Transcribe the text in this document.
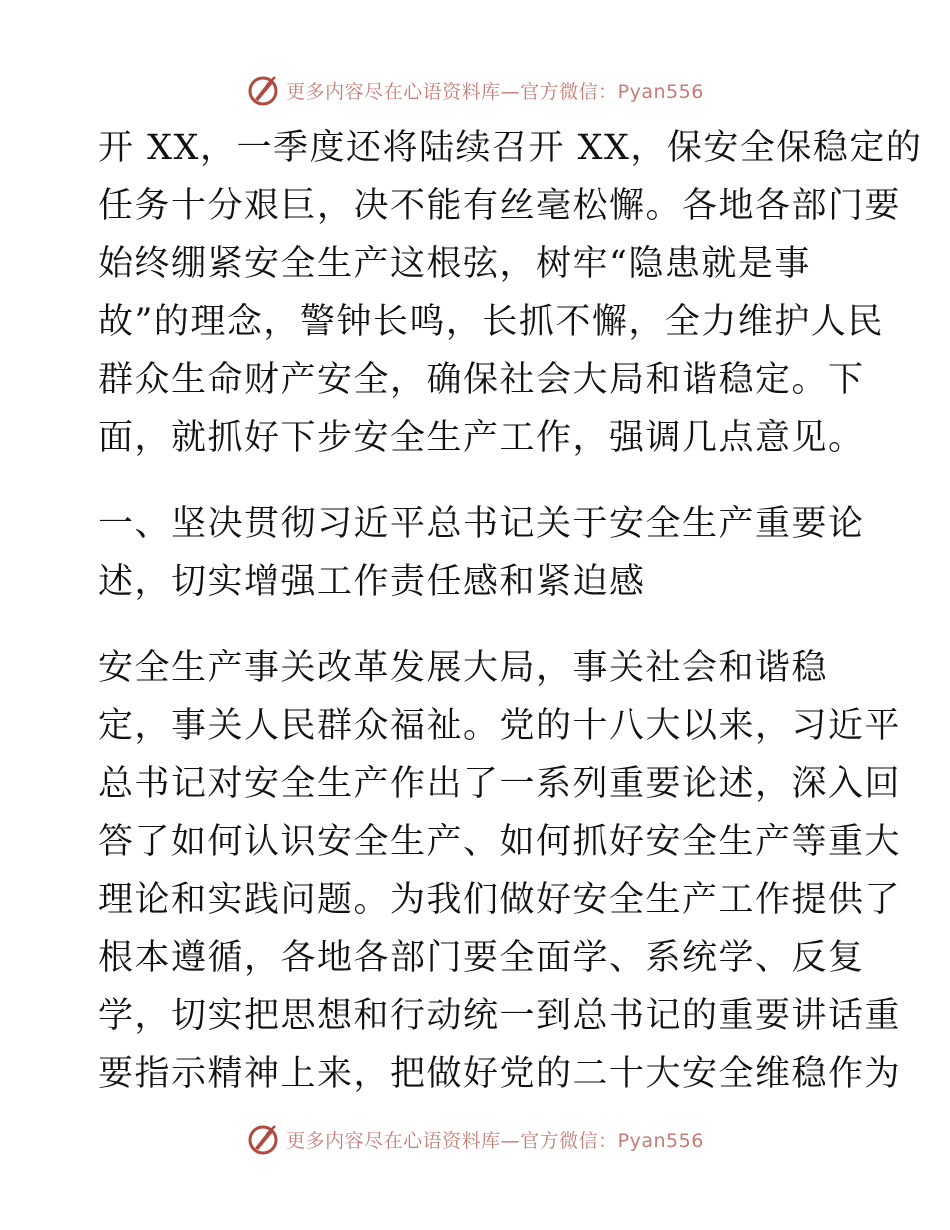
更多内容尽在心语资料库—官方微信：Pyan556
开 XX，一季度还将陆续召开 XX，保安全保稳定的
任务十分艰巨，决不能有丝毫松懈。各地各部门要
始终绷紧安全生产这根弦，树牢“隐患就是事
故”的理念，警钟长鸣，长抓不懈，全力维护人民
群众生命财产安全，确保社会大局和谐稳定。下
面，就抓好下步安全生产工作，强调几点意见。
一、坚决贯彻习近平总书记关于安全生产重要论
述，切实增强工作责任感和紧迫感
安全生产事关改革发展大局，事关社会和谐稳
定，事关人民群众福祉。党的十八大以来，习近平
总书记对安全生产作出了一系列重要论述，深入回
答了如何认识安全生产、如何抓好安全生产等重大
理论和实践问题。为我们做好安全生产工作提供了
根本遵循，各地各部门要全面学、系统学、反复
学，切实把思想和行动统一到总书记的重要讲话重
要指示精神上来，把做好党的二十大安全维稳作为
更多内容尽在心语资料库—官方微信：Pyan556
